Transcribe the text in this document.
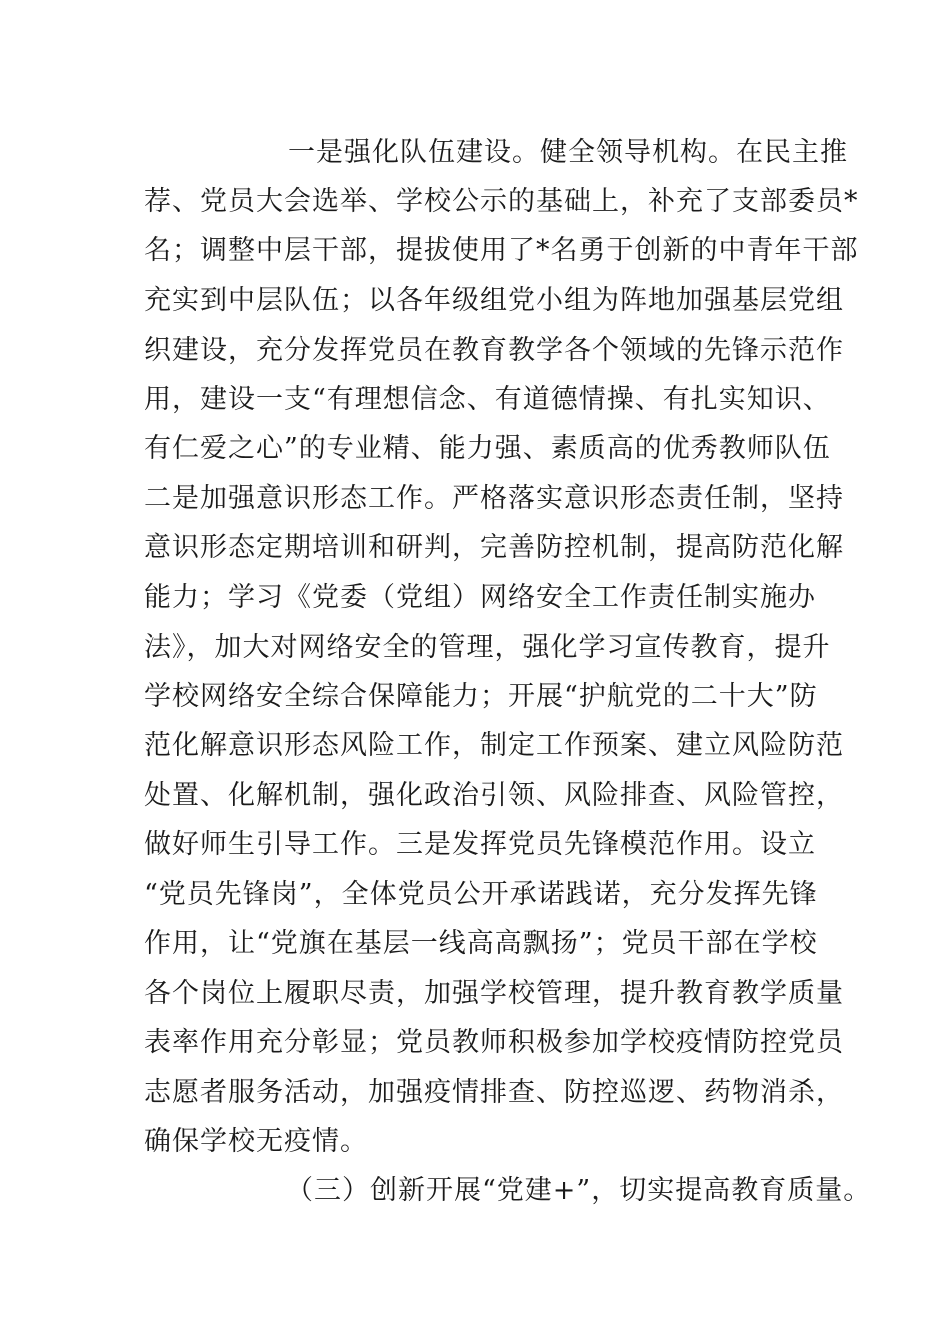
一是强化队伍建设。健全领导机构。在民主推
荐、党员大会选举、学校公示的基础上，补充了支部委员*
名；调整中层干部，提拔使用了*名勇于创新的中青年干部
充实到中层队伍；以各年级组党小组为阵地加强基层党组
织建设，充分发挥党员在教育教学各个领域的先锋示范作
用，建设一支“有理想信念、有道德情操、有扎实知识、
有仁爱之心”的专业精、能力强、素质高的优秀教师队伍
二是加强意识形态工作。严格落实意识形态责任制，坚持
意识形态定期培训和研判，完善防控机制，提高防范化解
能力；学习《党委（党组）网络安全工作责任制实施办
法》，加大对网络安全的管理，强化学习宣传教育，提升
学校网络安全综合保障能力；开展“护航党的二十大”防
范化解意识形态风险工作，制定工作预案、建立风险防范
处置、化解机制，强化政治引领、风险排查、风险管控，
做好师生引导工作。三是发挥党员先锋模范作用。设立
“党员先锋岗”，全体党员公开承诺践诺，充分发挥先锋
作用，让“党旗在基层一线高高飘扬”；党员干部在学校
各个岗位上履职尽责，加强学校管理，提升教育教学质量
表率作用充分彰显；党员教师积极参加学校疫情防控党员
志愿者服务活动，加强疫情排查、防控巡逻、药物消杀，
确保学校无疫情。
（三）创新开展“党建+”，切实提高教育质量。
